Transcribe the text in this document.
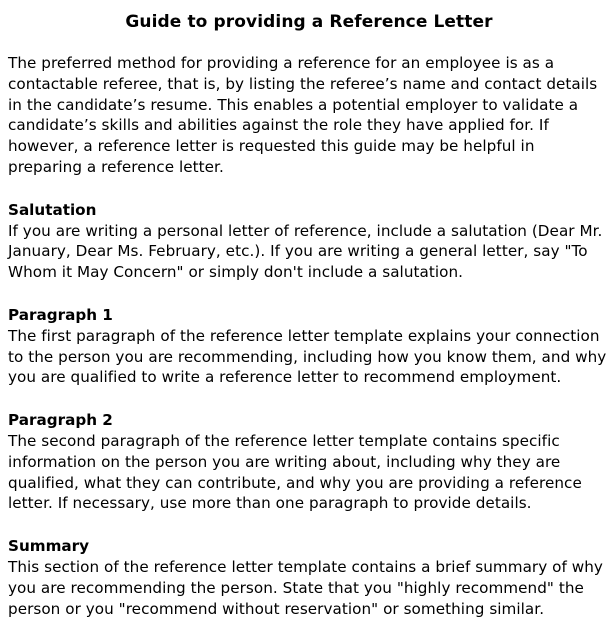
Guide to providing a Reference Letter

The preferred method for providing a reference for an employee is as a contactable referee, that is, by listing the referee’s name and contact details in the candidate’s resume. This enables a potential employer to validate a candidate’s skills and abilities against the role they have applied for. If however, a reference letter is requested this guide may be helpful in preparing a reference letter.

Salutation

If you are writing a personal letter of reference, include a salutation (Dear Mr. January, Dear Ms. February, etc.). If you are writing a general letter, say "To Whom it May Concern" or simply don't include a salutation.

Paragraph 1

The first paragraph of the reference letter template explains your connection to the person you are recommending, including how you know them, and why you are qualified to write a reference letter to recommend employment.

Paragraph 2

The second paragraph of the reference letter template contains specific information on the person you are writing about, including why they are qualified, what they can contribute, and why you are providing a reference letter. If necessary, use more than one paragraph to provide details.

Summary

This section of the reference letter template contains a brief summary of why you are recommending the person. State that you "highly recommend" the person or you "recommend without reservation" or something similar.
